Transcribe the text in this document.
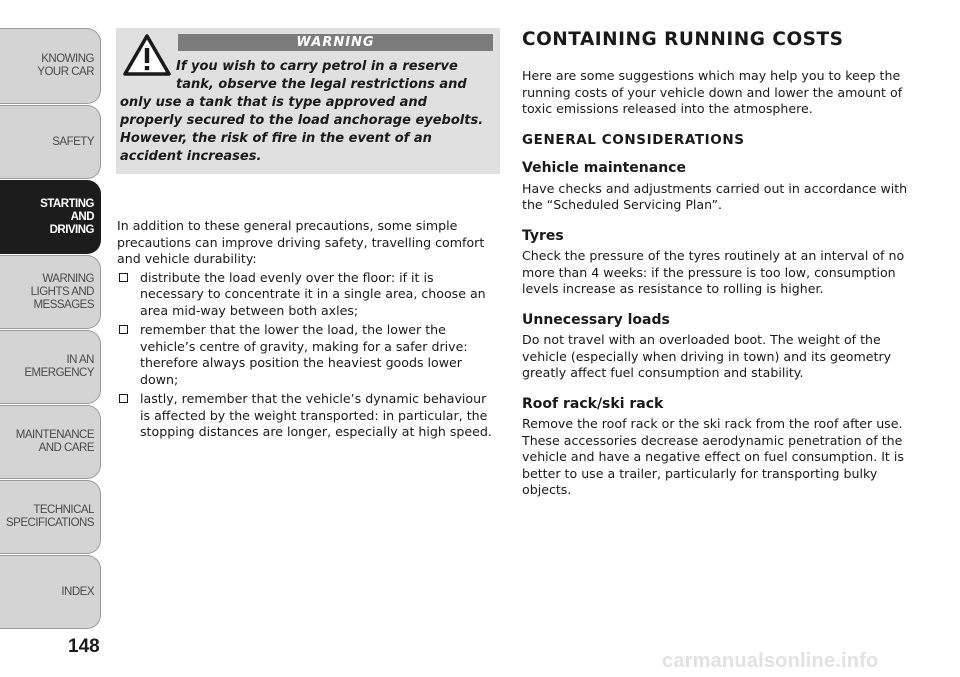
KNOWING
YOUR CAR
SAFETY
STARTING
AND
DRIVING
WARNING
LIGHTS AND
MESSAGES
IN AN
EMERGENCY
MAINTENANCE
AND CARE
TECHNICAL
SPECIFICATIONS
INDEX
148
WARNING
If you wish to carry petrol in a reserve tank, observe the legal restrictions and only use a tank that is type approved and properly secured to the load anchorage eyebolts. However, the risk of fire in the event of an accident increases.

In addition to these general precautions, some simple precautions can improve driving safety, travelling comfort and vehicle durability:

distribute the load evenly over the floor: if it is necessary to concentrate it in a single area, choose an area mid-way between both axles;
remember that the lower the load, the lower the vehicle’s centre of gravity, making for a safer drive: therefore always position the heaviest goods lower down;
lastly, remember that the vehicle’s dynamic behaviour is affected by the weight transported: in particular, the stopping distances are longer, especially at high speed.
CONTAINING RUNNING COSTS

Here are some suggestions which may help you to keep the running costs of your vehicle down and lower the amount of toxic emissions released into the atmosphere.

GENERAL CONSIDERATIONS
Vehicle maintenance

Have checks and adjustments carried out in accordance with the “Scheduled Servicing Plan”.

Tyres

Check the pressure of the tyres routinely at an interval of no more than 4 weeks: if the pressure is too low, consumption levels increase as resistance to rolling is higher.

Unnecessary loads

Do not travel with an overloaded boot. The weight of the vehicle (especially when driving in town) and its geometry greatly affect fuel consumption and stability.

Roof rack/ski rack

Remove the roof rack or the ski rack from the roof after use. These accessories decrease aerodynamic penetration of the vehicle and have a negative effect on fuel consumption. It is better to use a trailer, particularly for transporting bulky objects.

carmanualsonline.info
